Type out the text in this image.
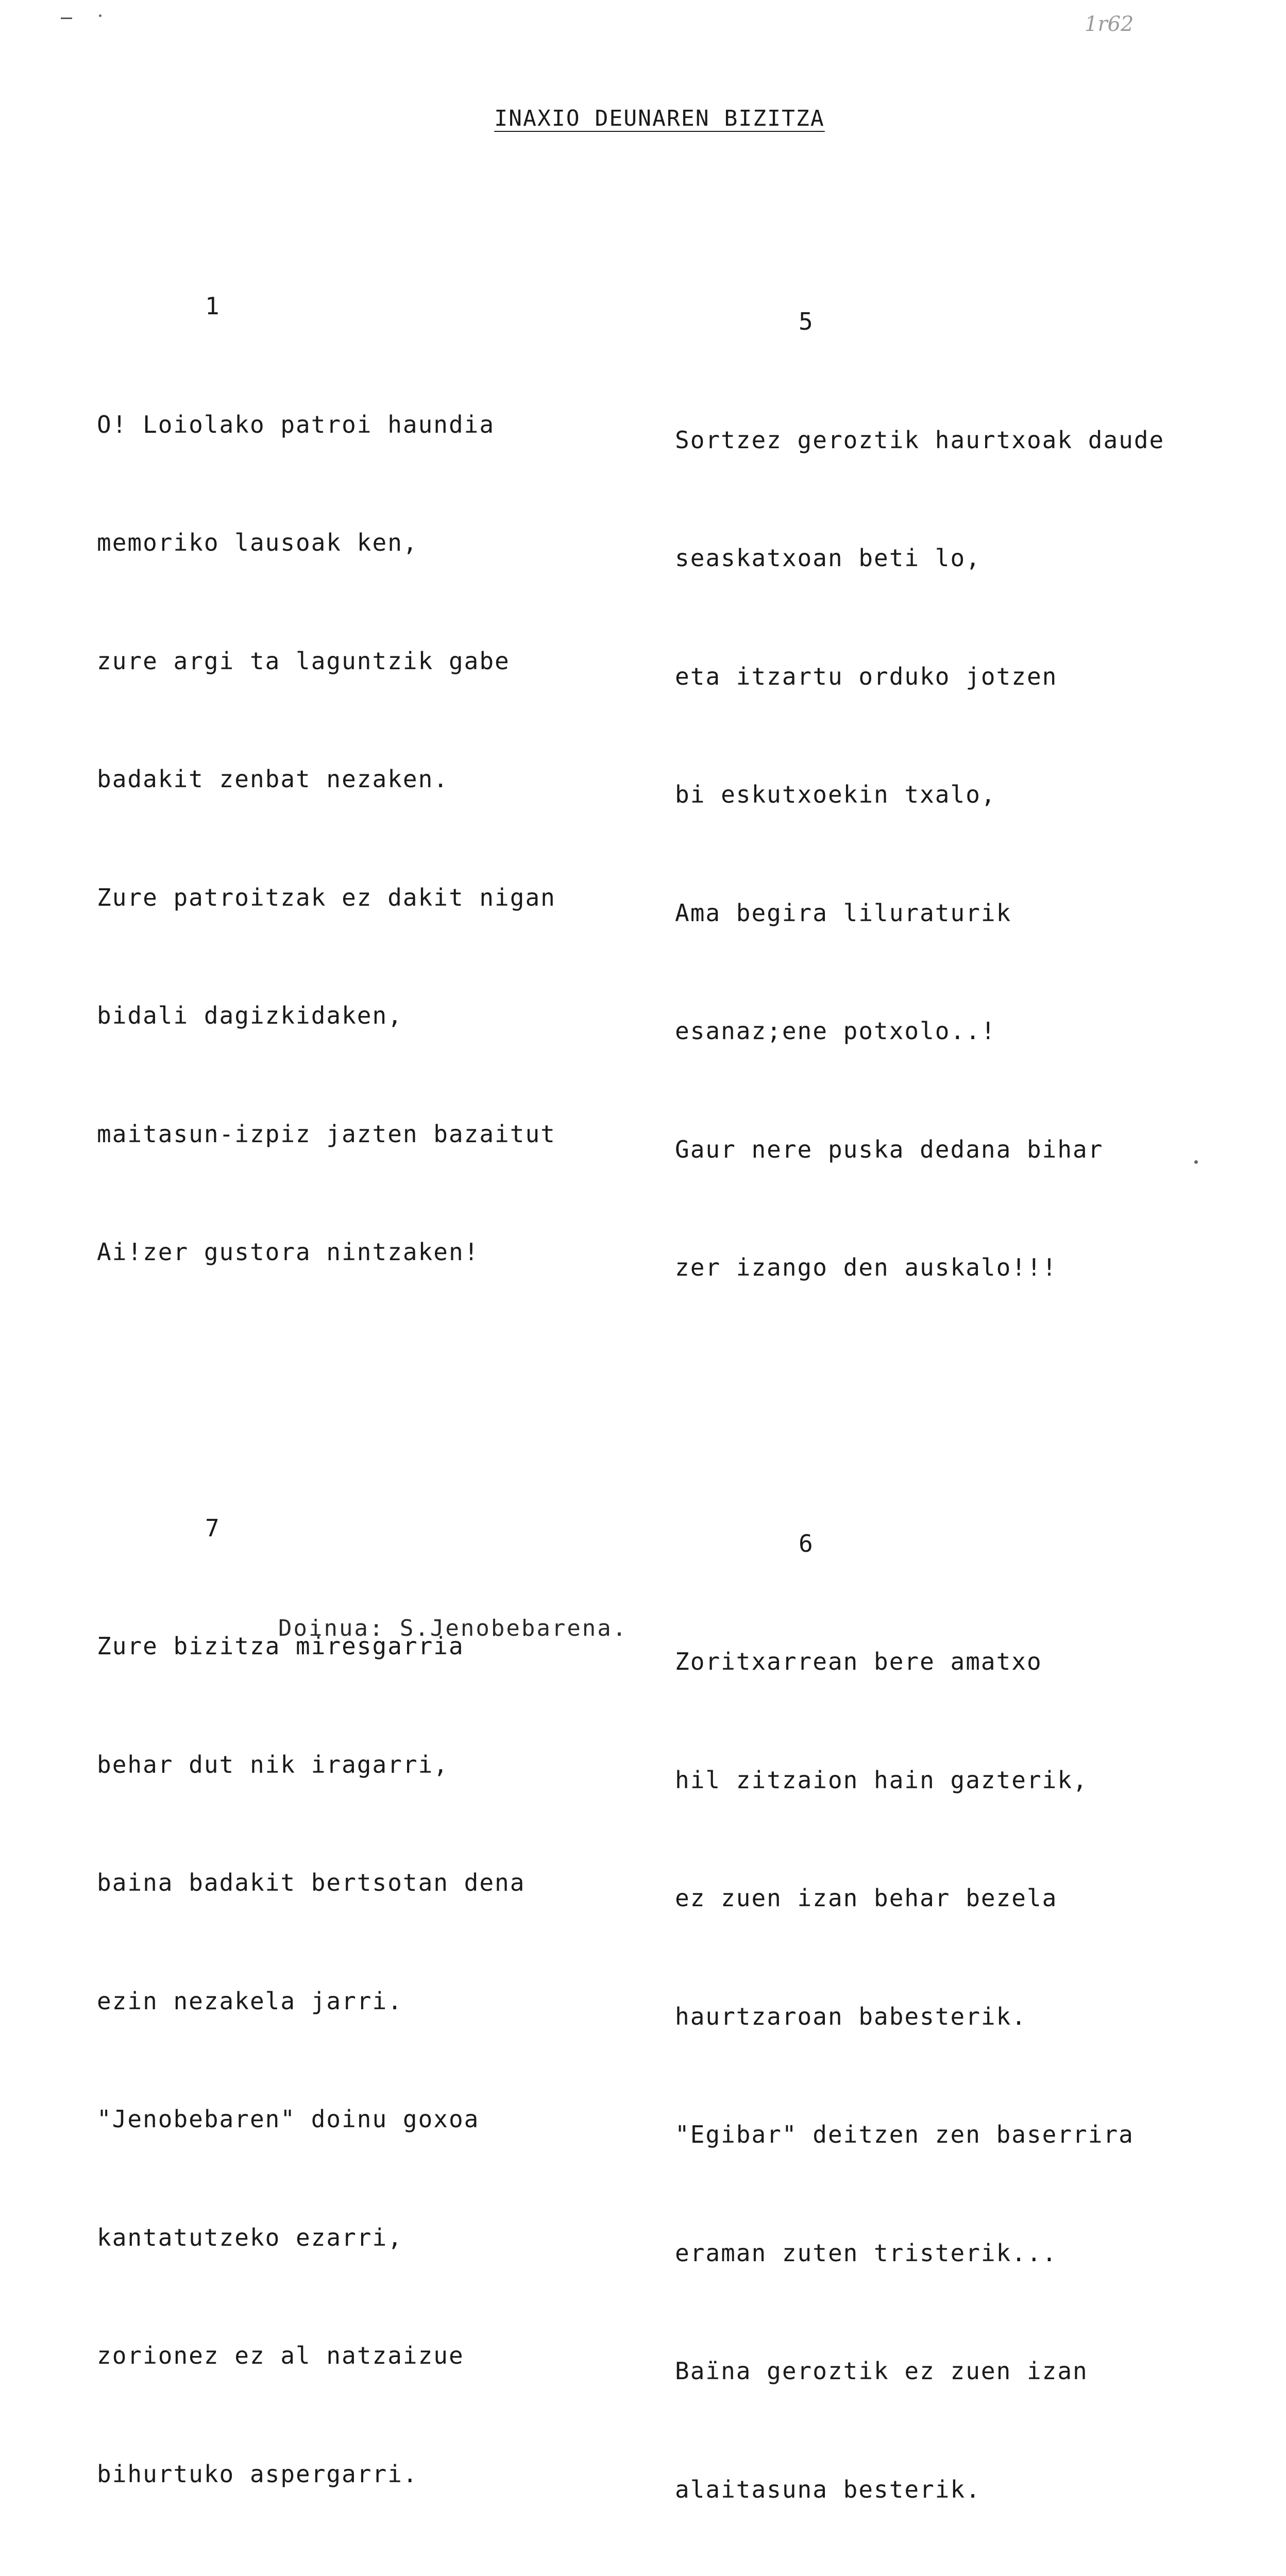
1r62
INAXIO DEUNAREN BIZITZA

1

O! Loiolako patroi haundia

memoriko lausoak ken,

zure argi ta laguntzik gabe

badakit zenbat nezaken.

Zure patroitzak ez dakit nigan

bidali dagizkidaken,

maitasun-izpiz jazten bazaitut

Ai!zer gustora nintzaken!

7

Zure bizitza miresgarria

behar dut nik iragarri,

baina badakit bertsotan dena

ezin nezakela jarri.

"Jenobebaren" doinu goxoa

kantatutzeko ezarri,

zorionez ez al natzaizue

bihurtuko aspergarri.

5

Sortzez geroztik haurtxoak daude

seaskatxoan beti lo,

eta itzartu orduko jotzen

bi eskutxoekin txalo,

Ama begira liluraturik

esanaz;ene potxolo..!

Gaur nere puska dedana bihar

zer izango den auskalo!!!

6

Zoritxarrean bere amatxo

hil zitzaion hain gazterik,

ez zuen izan behar bezela

haurtzaroan babesterik.

"Egibar" deitzen zen baserrira

eraman zuten tristerik...

Baïna geroztik ez zuen izan

alaitasuna besterik.

Doinua: S.Jenobebarena.
